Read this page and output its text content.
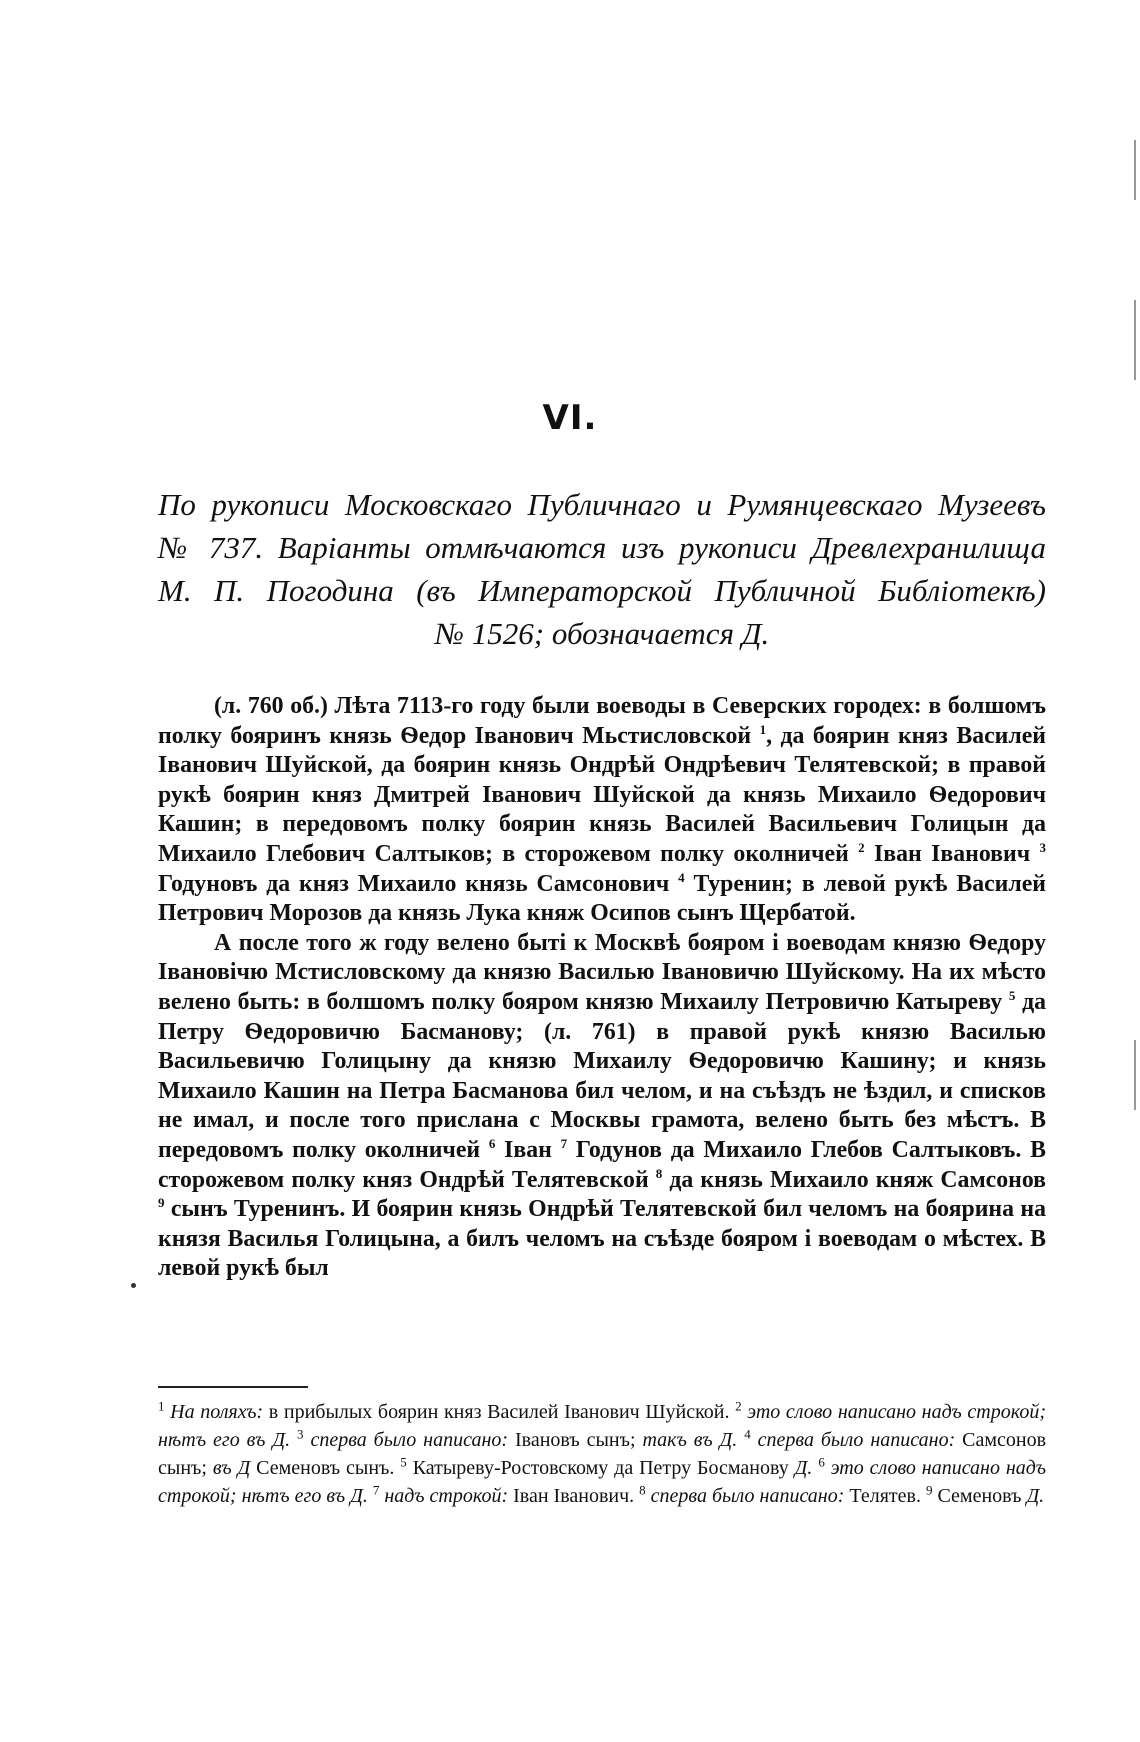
VI.
По рукописи Московскаго Публичнаго и Румянцевскаго Музеевъ
№ 737. Варіанты отмѣчаются изъ рукописи Древлехранилища
М. П. Погодина (въ Императорской Публичной Библіотекѣ)
№ 1526; обозначается Д.

(л. 760 об.) Лѣта 7113-го году были воеводы в Северских городех: в болшомъ полку бояринъ князь Ѳедор Іванович Мьстисловской $^1$, да боярин княз Василей Іванович Шуйской, да боярин князь Ондрѣй Ондрѣевич Телятевской; в правой рукѣ боярин княз Дмитрей Іванович Шуйской да князь Михаило Ѳедорович Кашин; в передовомъ полку боярин князь Василей Васильевич Голицын да Михаило Глебович Салтыков; в сторожевом полку околничей $^2$ Іван Іванович $^3$ Годуновъ да княз Михаило князь Самсонович $^4$ Туренин; в левой рукѣ Василей Петрович Морозов да князь Лука княж Осипов сынъ Щербатой.

А после того ж году велено быті к Москвѣ бояром і воеводам князю Ѳедору Івановічю Мстисловскому да князю Василью Івановичю Шуйскому. На их мѣсто велено быть: в болшомъ полку бояром князю Михаилу Петровичю Катыреву $^5$ да Петру Ѳедоровичю Басманову; (л. 761) в правой рукѣ князю Василью Васильевичю Голицыну да князю Михаилу Ѳедоровичю Кашину; и князь Михаило Кашин на Петра Басманова бил челом, и на съѣздъ не ѣздил, и списков не имал, и после того прислана с Москвы грамота, велено быть без мѣстъ. В передовомъ полку околничей $^6$ Іван $^7$ Годунов да Михаило Глебов Салтыковъ. В сторожевом полку княз Ондрѣй Телятевской $^8$ да князь Михаило княж Самсонов $^9$ сынъ Туренинъ. И боярин князь Ондрѣй Телятевской бил челомъ на боярина на князя Василья Голицына, а билъ челомъ на съѣзде бояром і воеводам о мѣстех. В левой рукѣ был

$^1$ На поляхъ: в прибылых боярин княз Василей Іванович Шуйской. $^2$ это слово написано надъ строкой; нѣтъ его въ Д. $^3$ сперва было написано: Івановъ сынъ; такъ въ Д. $^4$ сперва было написано: Самсонов сынъ; въ Д Семеновъ сынъ. $^5$ Катыреву-Ростовскому да Петру Босманову Д. $^6$ это слово написано надъ строкой; нѣтъ его въ Д. $^7$ надъ строкой: Іван Іванович. $^8$ сперва было написано: Телятев. $^9$ Семеновъ Д.
